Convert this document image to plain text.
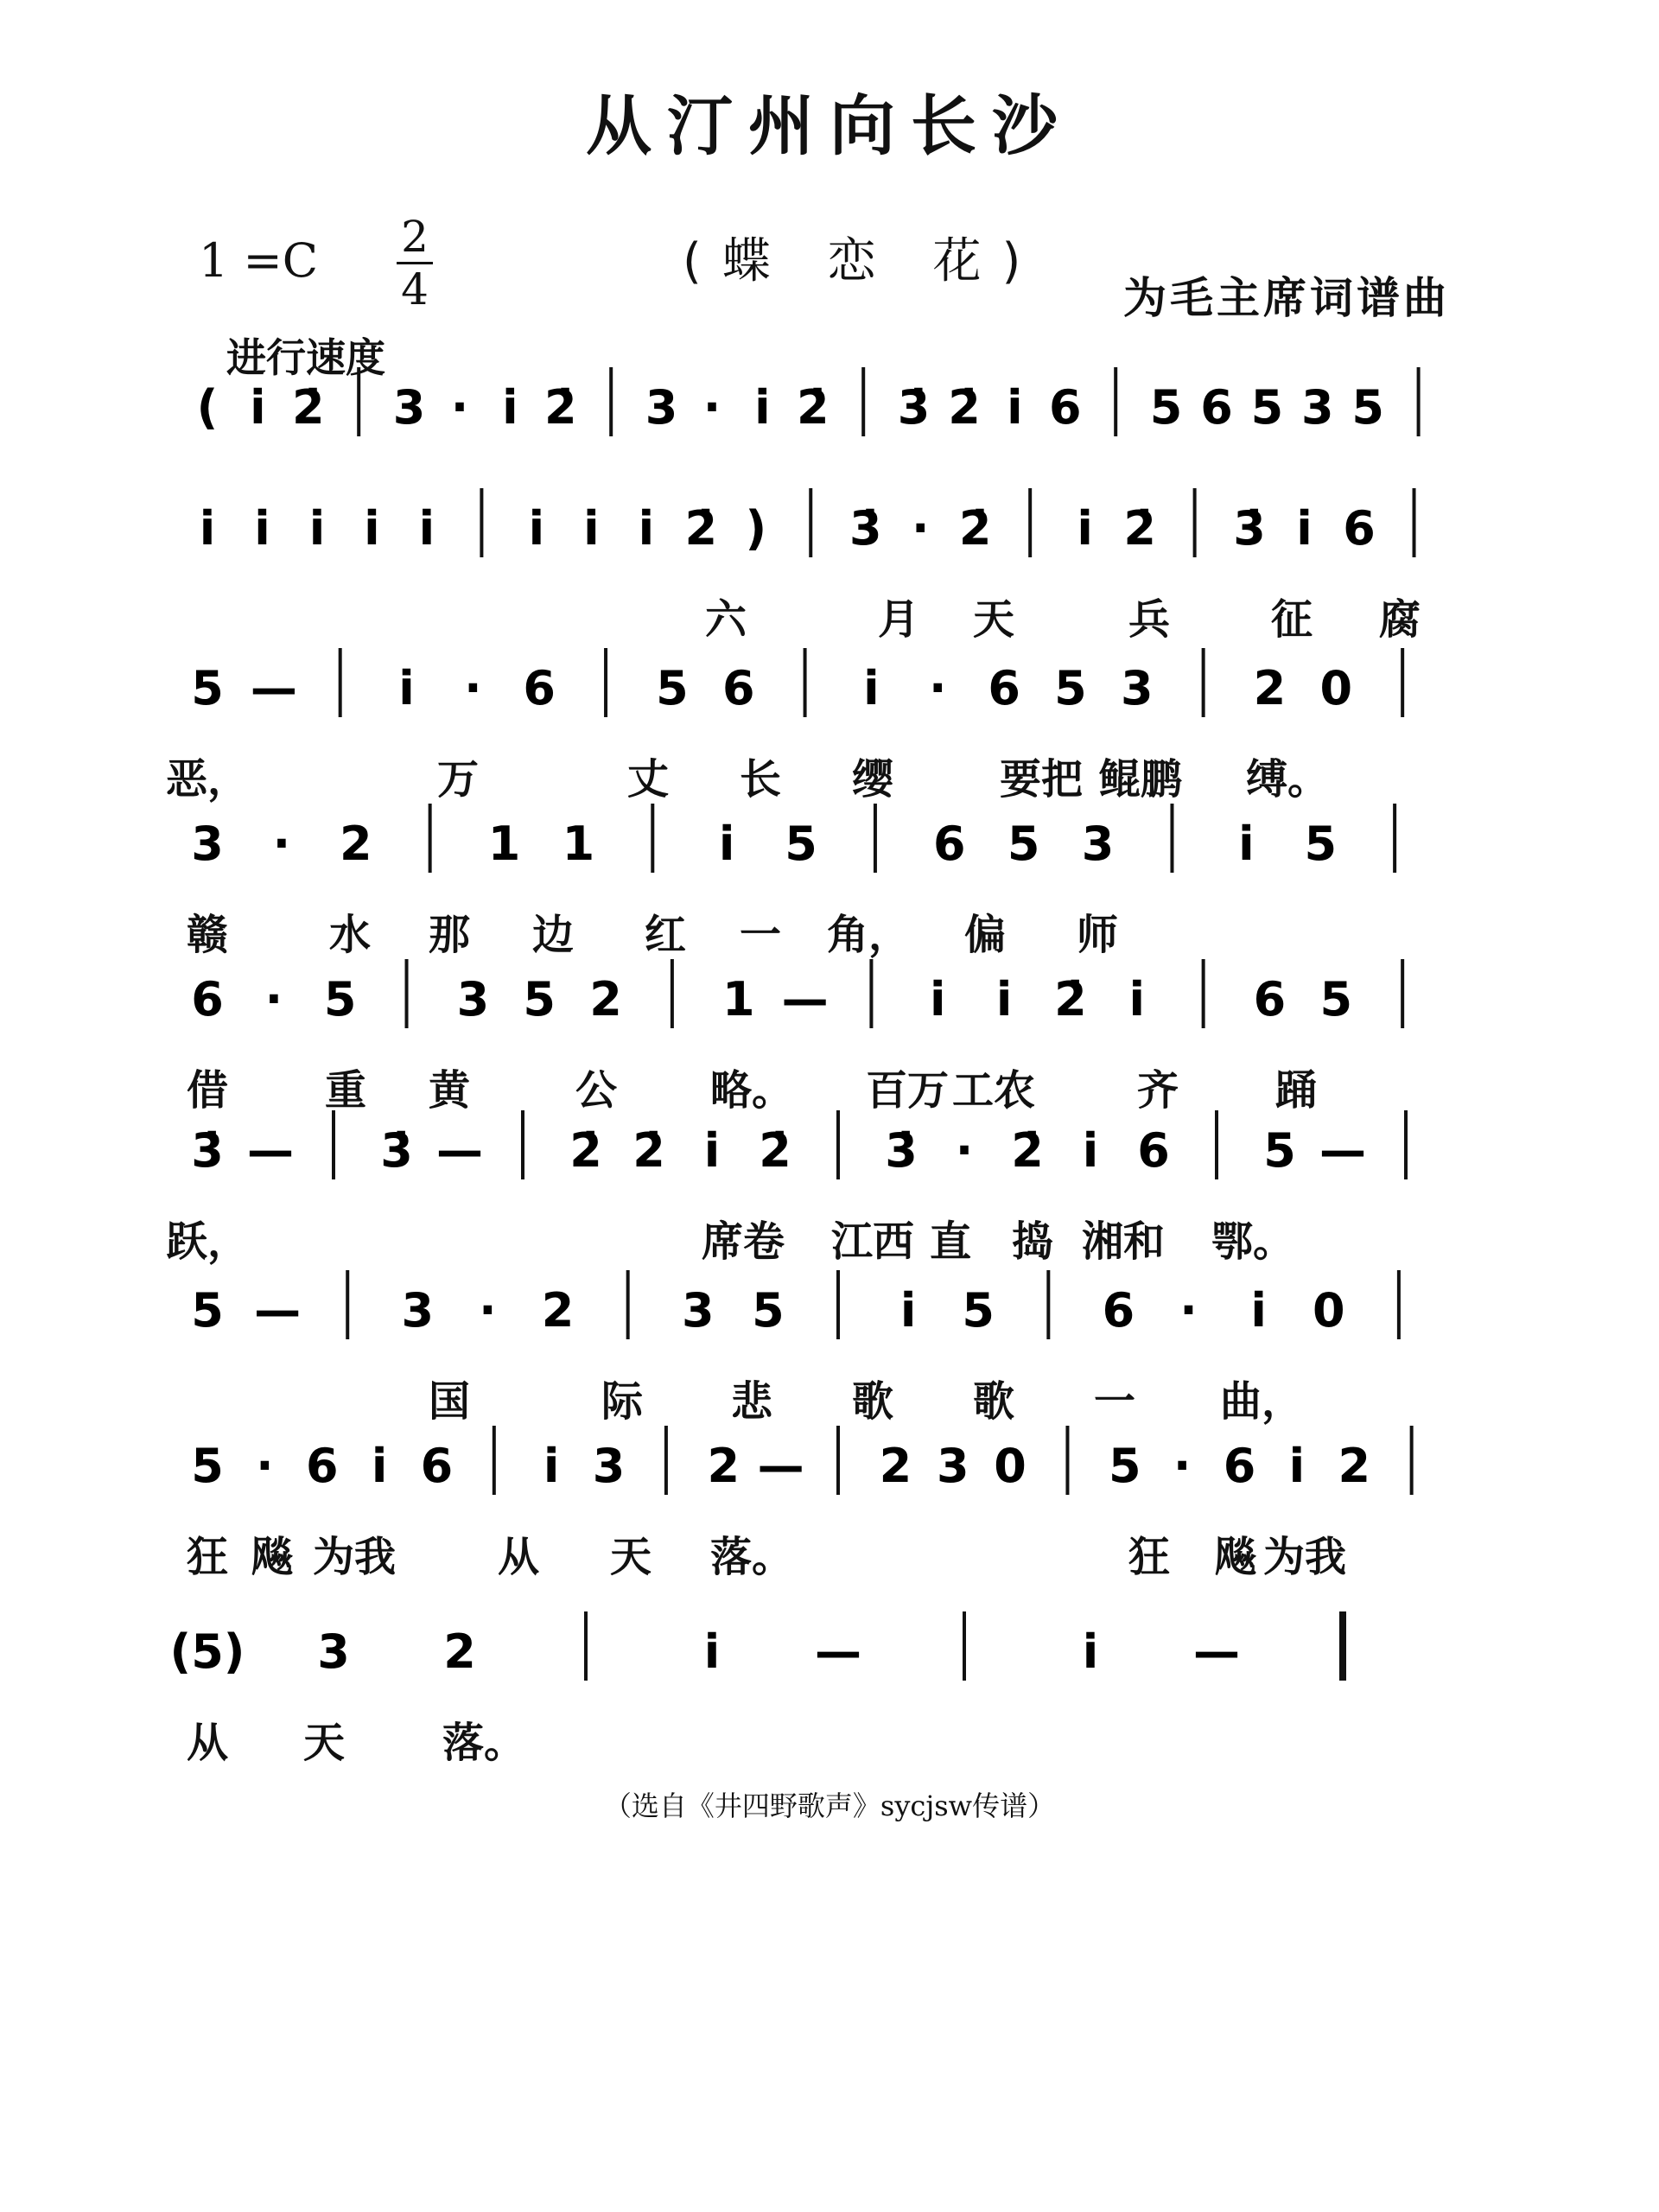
从汀州向长沙
1 =C 2
4	(蝶 恋 花)
为毛主席词谱曲
进行速度
( i̇ 2̇ 3 · i̇ 2̇ 3 · i̇ 2̇ 3̇ 2̇ i̇ 6 5 6 5 3 5
i̇ i̇ i̇ i̇ i̇ i̇ i̇ i̇ 2̇ ) 3̇ · 2̇ i̇ 2̇ 3̇ i̇ 6
六	月 天	兵 征 腐
5 — i̇ · 6 5 6 i̇ · 6 5 3 2 0
恶，	万	丈 长 缨	要把 鲲鹏 缚。
3 · 2 1 1	i̇ 5 6 5 3	i̇ 5
赣 水 那 边 红 一 角， 偏 师
6 · 5 3 5 2 1 — i̇ i̇ 2̇ i̇ 6 5
借 重 黄	公 略。 百万 工农 齐 踊
3̇ — 3̇ — 2̇ 2̇ i̇ 2̇ 3̇ · 2̇ i̇ 6 5 —
跃，	席卷 江西 直 捣 湘和 鄂。
5 — 3 · 2 3 5 i̇ 5 6 · i̇ 0
国	际 悲 歌 歌 一 曲，
5 · 6 i̇ 6 i̇ 3 2 — 2 3 0 5 · 6 i̇ 2
狂 飚 为我 从 天 落。	狂 飚 为我
(5) 3 2	i̇ —	i̇ —
从 天 落。
（选自《井四野歌声》sycjsw传谱）
